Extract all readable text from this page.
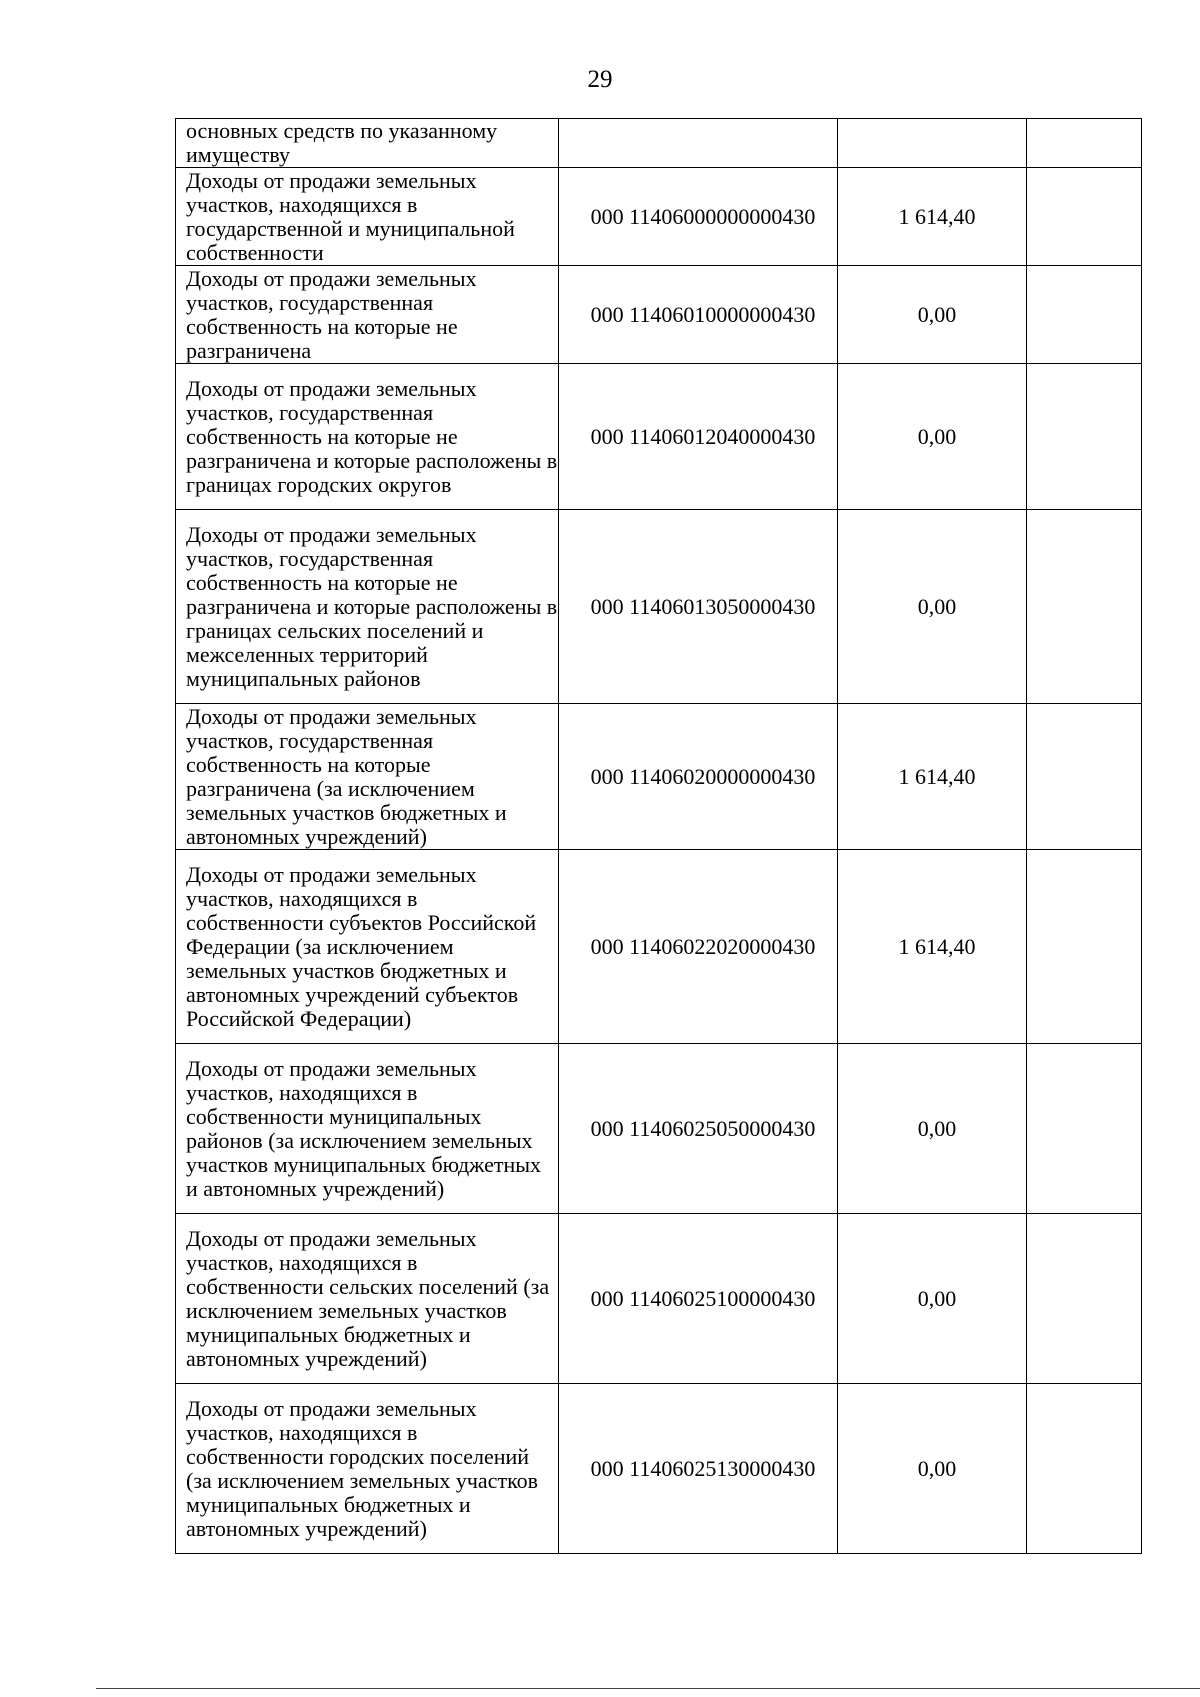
29
основных средств по указанному имуществу			
Доходы от продажи земельных участков, находящихся в государственной и муниципальной собственности	000 11406000000000430	1 614,40	
Доходы от продажи земельных участков, государственная собственность на которые не разграничена	000 11406010000000430	0,00	
Доходы от продажи земельных участков, государственная собственность на которые не разграничена и которые расположены в границах городских округов	000 11406012040000430	0,00	
Доходы от продажи земельных участков, государственная собственность на которые не разграничена и которые расположены в границах сельских поселений и межселенных территорий муниципальных районов	000 11406013050000430	0,00	
Доходы от продажи земельных участков, государственная собственность на которые разграничена (за исключением земельных участков бюджетных и автономных учреждений)	000 11406020000000430	1 614,40	
Доходы от продажи земельных участков, находящихся в собственности субъектов Российской Федерации (за исключением земельных участков бюджетных и автономных учреждений субъектов Российской Федерации)	000 11406022020000430	1 614,40	
Доходы от продажи земельных участков, находящихся в собственности муниципальных районов (за исключением земельных участков муниципальных бюджетных и автономных учреждений)	000 11406025050000430	0,00	
Доходы от продажи земельных участков, находящихся в собственности сельских поселений (за исключением земельных участков муниципальных бюджетных и автономных учреждений)	000 11406025100000430	0,00	
Доходы от продажи земельных участков, находящихся в собственности городских поселений (за исключением земельных участков муниципальных бюджетных и автономных учреждений)	000 11406025130000430	0,00	
